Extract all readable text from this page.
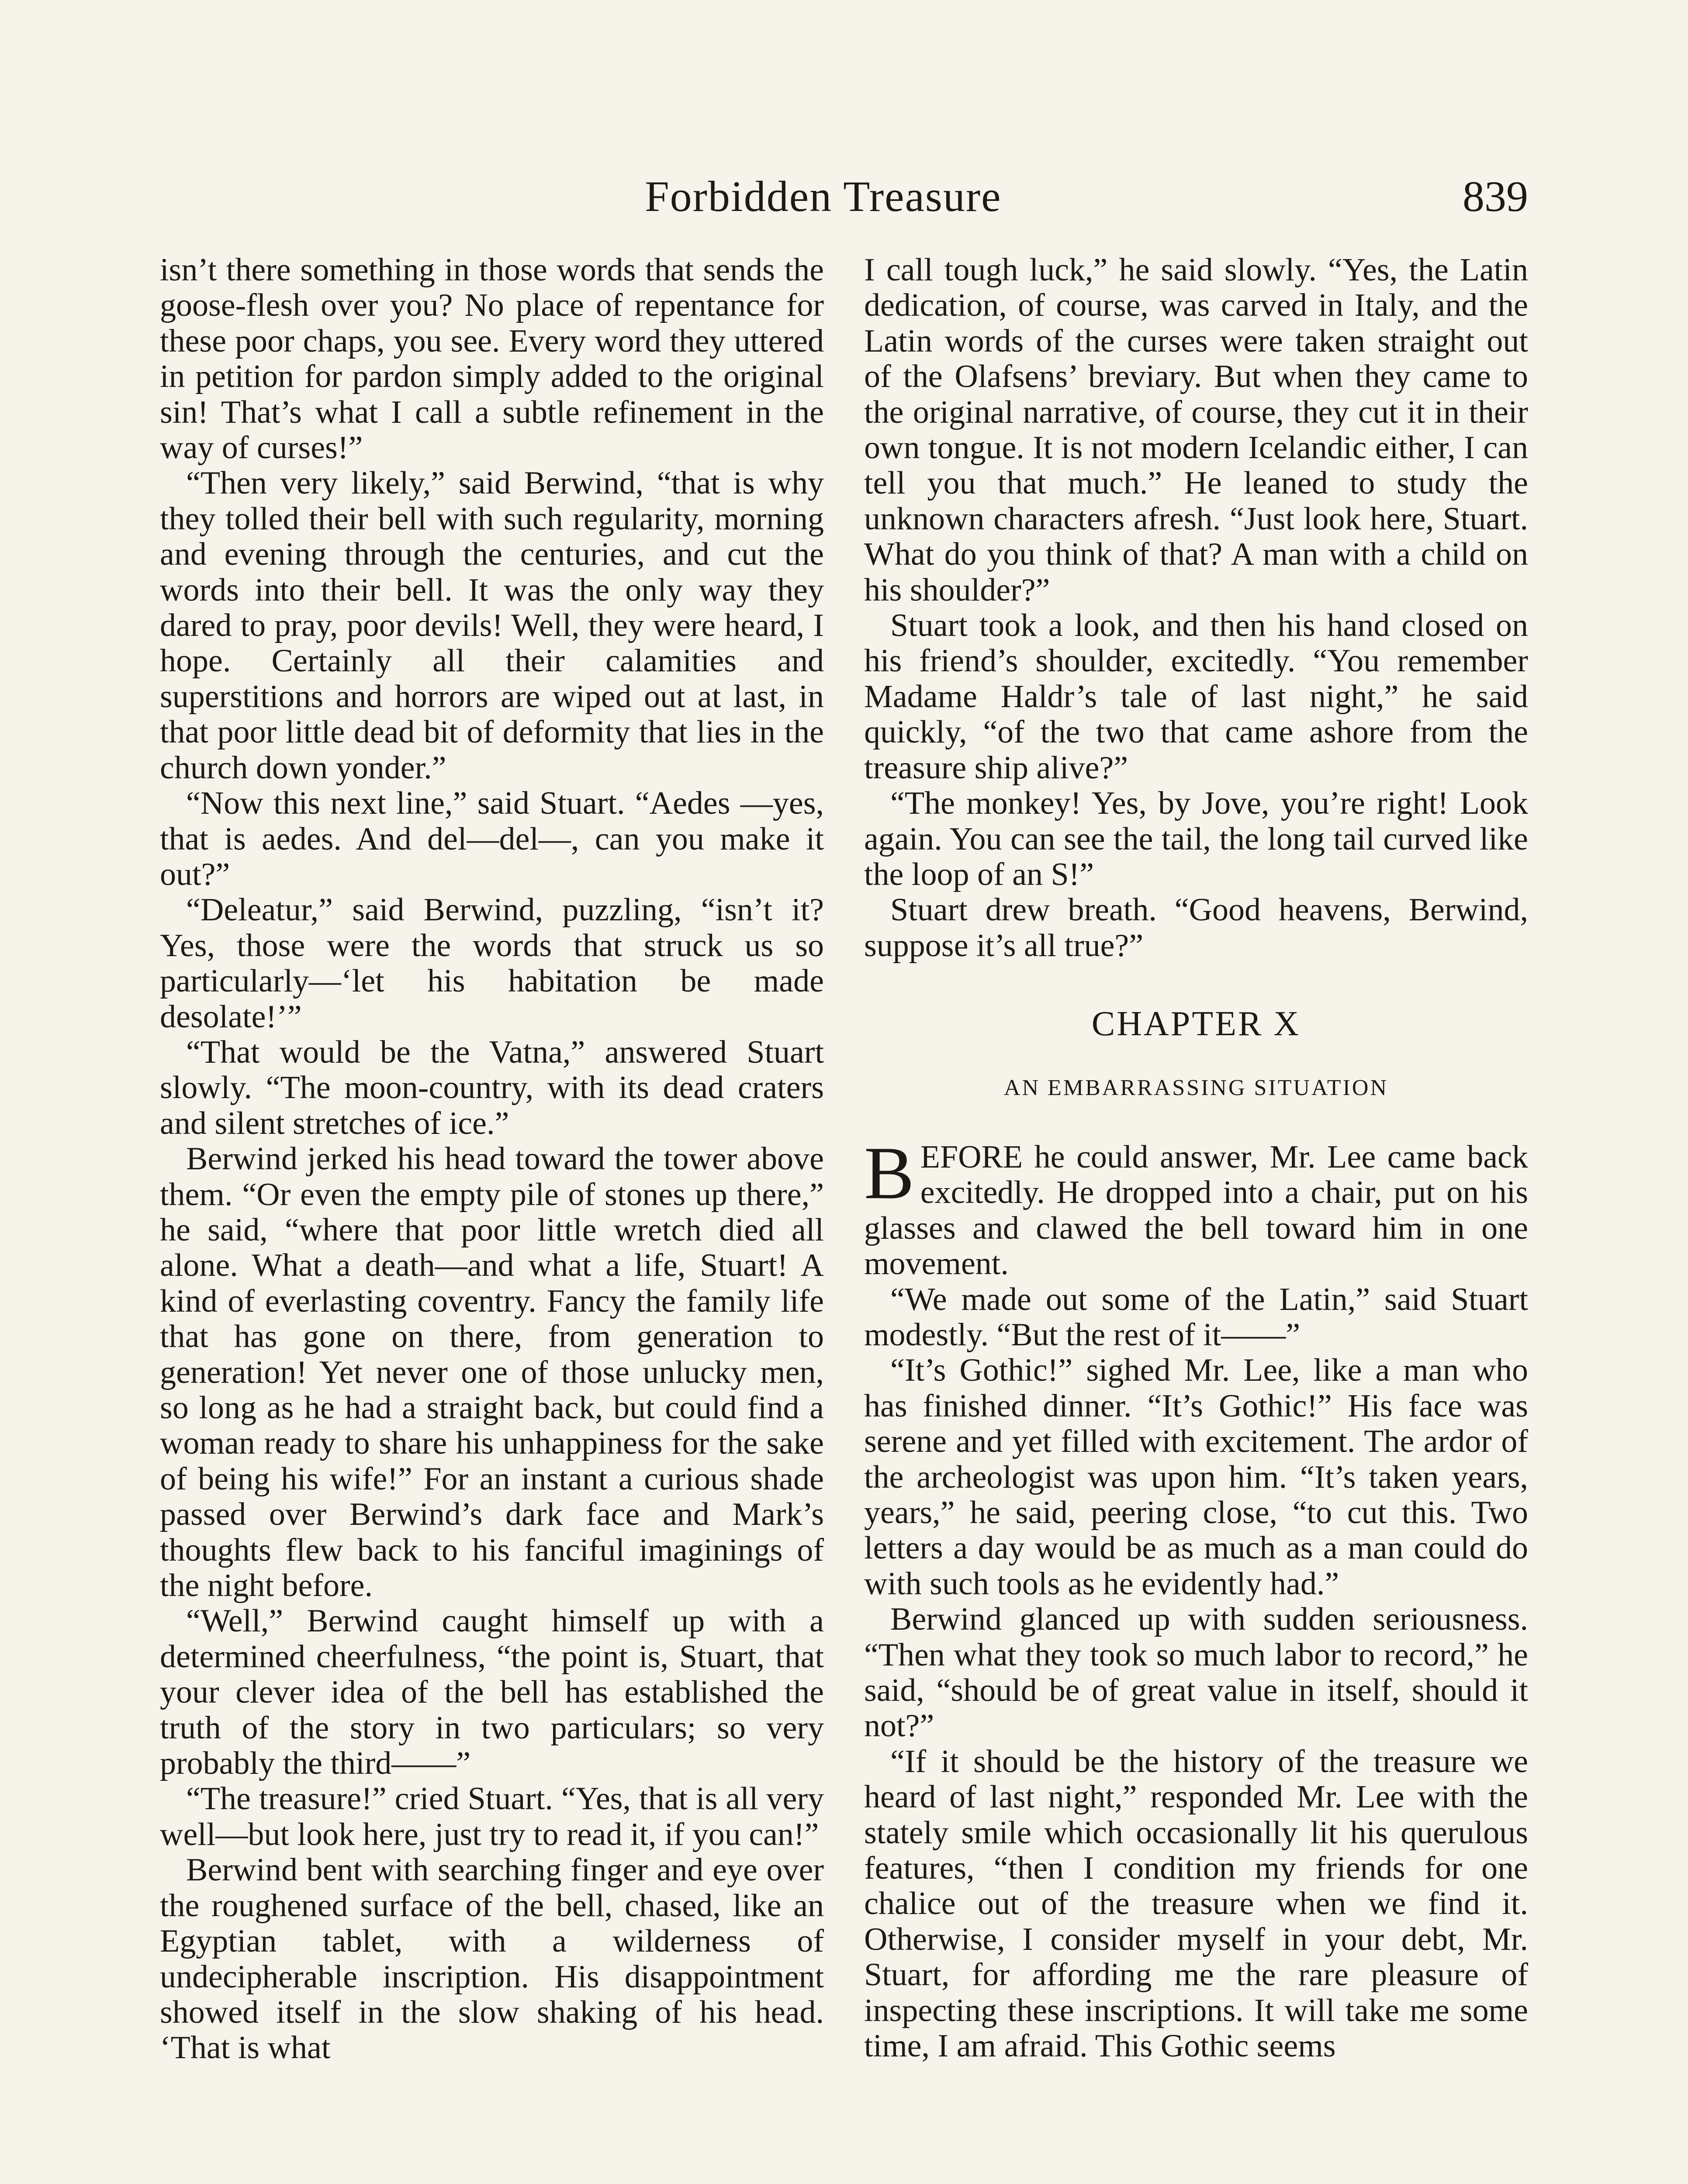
Forbidden Treasure	839

isn’t there something in those words that sends the goose-flesh over you? No place of repentance for these poor chaps, you see. Every word they uttered in petition for pardon simply added to the original sin! That’s what I call a subtle refinement in the way of curses!”

“Then very likely,” said Berwind, “that is why they tolled their bell with such regularity, morning and evening through the centuries, and cut the words into their bell. It was the only way they dared to pray, poor devils! Well, they were heard, I hope. Certainly all their calamities and superstitions and horrors are wiped out at last, in that poor little dead bit of deformity that lies in the church down yonder.”

“Now this next line,” said Stuart. “Aedes —yes, that is aedes. And del—del—, can you make it out?”

“Deleatur,” said Berwind, puzzling, “isn’t it? Yes, those were the words that struck us so particularly—‘let his habitation be made desolate!’”

“That would be the Vatna,” answered Stuart slowly. “The moon-country, with its dead craters and silent stretches of ice.”

Berwind jerked his head toward the tower above them. “Or even the empty pile of stones up there,” he said, “where that poor little wretch died all alone. What a death—and what a life, Stuart! A kind of everlasting coventry. Fancy the family life that has gone on there, from generation to generation! Yet never one of those unlucky men, so long as he had a straight back, but could find a woman ready to share his unhappiness for the sake of being his wife!” For an instant a curious shade passed over Berwind’s dark face and Mark’s thoughts flew back to his fanciful imaginings of the night before.

“Well,” Berwind caught himself up with a determined cheerfulness, “the point is, Stuart, that your clever idea of the bell has established the truth of the story in two particulars; so very probably the third——”

“The treasure!” cried Stuart. “Yes, that is all very well—but look here, just try to read it, if you can!”

Berwind bent with searching finger and eye over the roughened surface of the bell, chased, like an Egyptian tablet, with a wilderness of undecipherable inscription. His disappointment showed itself in the slow shaking of his head. ‘That is what

I call tough luck,” he said slowly. “Yes, the Latin dedication, of course, was carved in Italy, and the Latin words of the curses were taken straight out of the Olafsens’ breviary. But when they came to the original narrative, of course, they cut it in their own tongue. It is not modern Icelandic either, I can tell you that much.” He leaned to study the unknown characters afresh. “Just look here, Stuart. What do you think of that? A man with a child on his shoulder?”

Stuart took a look, and then his hand closed on his friend’s shoulder, excitedly. “You remember Madame Haldr’s tale of last night,” he said quickly, “of the two that came ashore from the treasure ship alive?”

“The monkey! Yes, by Jove, you’re right! Look again. You can see the tail, the long tail curved like the loop of an S!”

Stuart drew breath. “Good heavens, Berwind, suppose it’s all true?”

CHAPTER X
AN EMBARRASSING SITUATION

BEFORE he could answer, Mr. Lee came back excitedly. He dropped into a chair, put on his glasses and clawed the bell toward him in one movement.

“We made out some of the Latin,” said Stuart modestly. “But the rest of it——”

“It’s Gothic!” sighed Mr. Lee, like a man who has finished dinner. “It’s Gothic!” His face was serene and yet filled with excitement. The ardor of the archeologist was upon him. “It’s taken years, years,” he said, peering close, “to cut this. Two letters a day would be as much as a man could do with such tools as he evidently had.”

Berwind glanced up with sudden seriousness. “Then what they took so much labor to record,” he said, “should be of great value in itself, should it not?”

“If it should be the history of the treasure we heard of last night,” responded Mr. Lee with the stately smile which occasionally lit his querulous features, “then I condition my friends for one chalice out of the treasure when we find it. Otherwise, I consider myself in your debt, Mr. Stuart, for affording me the rare pleasure of inspecting these inscriptions. It will take me some time, I am afraid. This Gothic seems
